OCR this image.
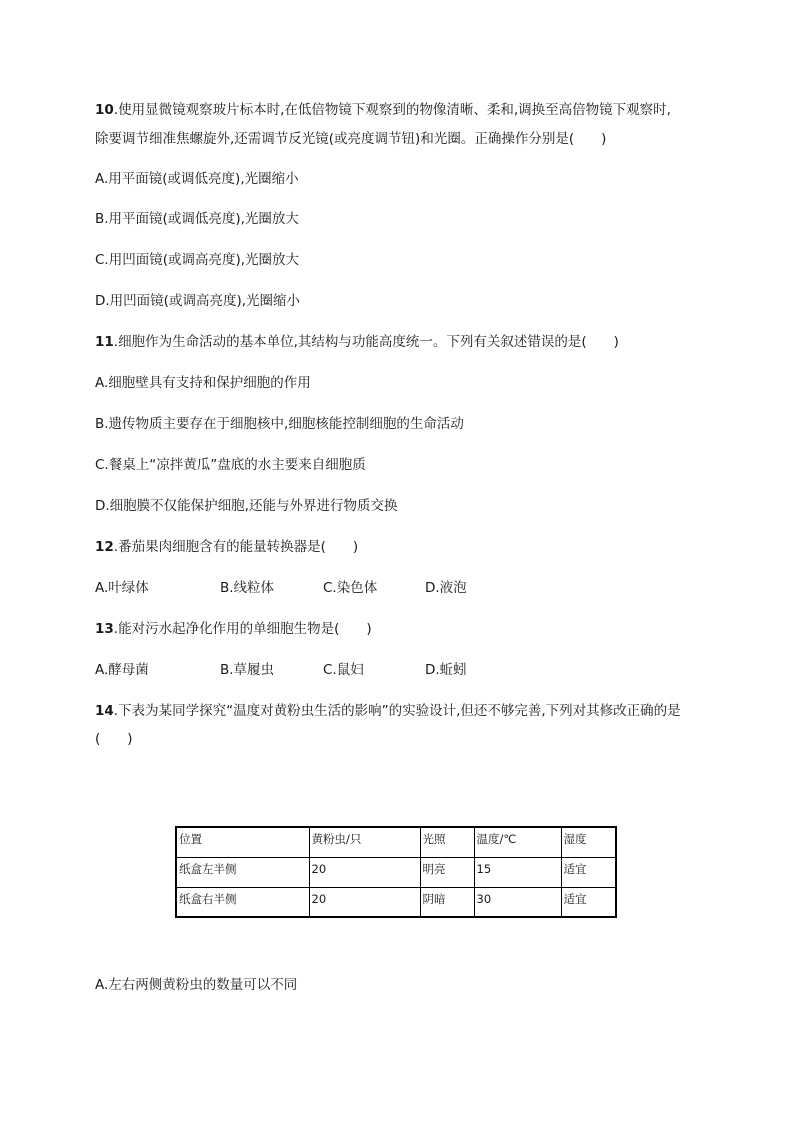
10.使用显微镜观察玻片标本时,在低倍物镜下观察到的物像清晰、柔和,调换至高倍物镜下观察时,
除要调节细准焦螺旋外,还需调节反光镜(或亮度调节钮)和光圈。正确操作分别是(　　)
A.用平面镜(或调低亮度),光圈缩小
B.用平面镜(或调低亮度),光圈放大
C.用凹面镜(或调高亮度),光圈放大
D.用凹面镜(或调高亮度),光圈缩小
11.细胞作为生命活动的基本单位,其结构与功能高度统一。下列有关叙述错误的是(　　)
A.细胞壁具有支持和保护细胞的作用
B.遗传物质主要存在于细胞核中,细胞核能控制细胞的生命活动
C.餐桌上“凉拌黄瓜”盘底的水主要来自细胞质
D.细胞膜不仅能保护细胞,还能与外界进行物质交换
12.番茄果肉细胞含有的能量转换器是(　　)
A.叶绿体	B.线粒体	C.染色体	D.液泡
13.能对污水起净化作用的单细胞生物是(　　)
A.酵母菌	B.草履虫	C.鼠妇	D.蚯蚓
14.下表为某同学探究“温度对黄粉虫生活的影响”的实验设计,但还不够完善,下列对其修改正确的是
(　　)
位置	黄粉虫/只	光照	温度/℃	湿度
纸盒左半侧	20	明亮	15	适宜
纸盒右半侧	20	阴暗	30	适宜
A.左右两侧黄粉虫的数量可以不同
